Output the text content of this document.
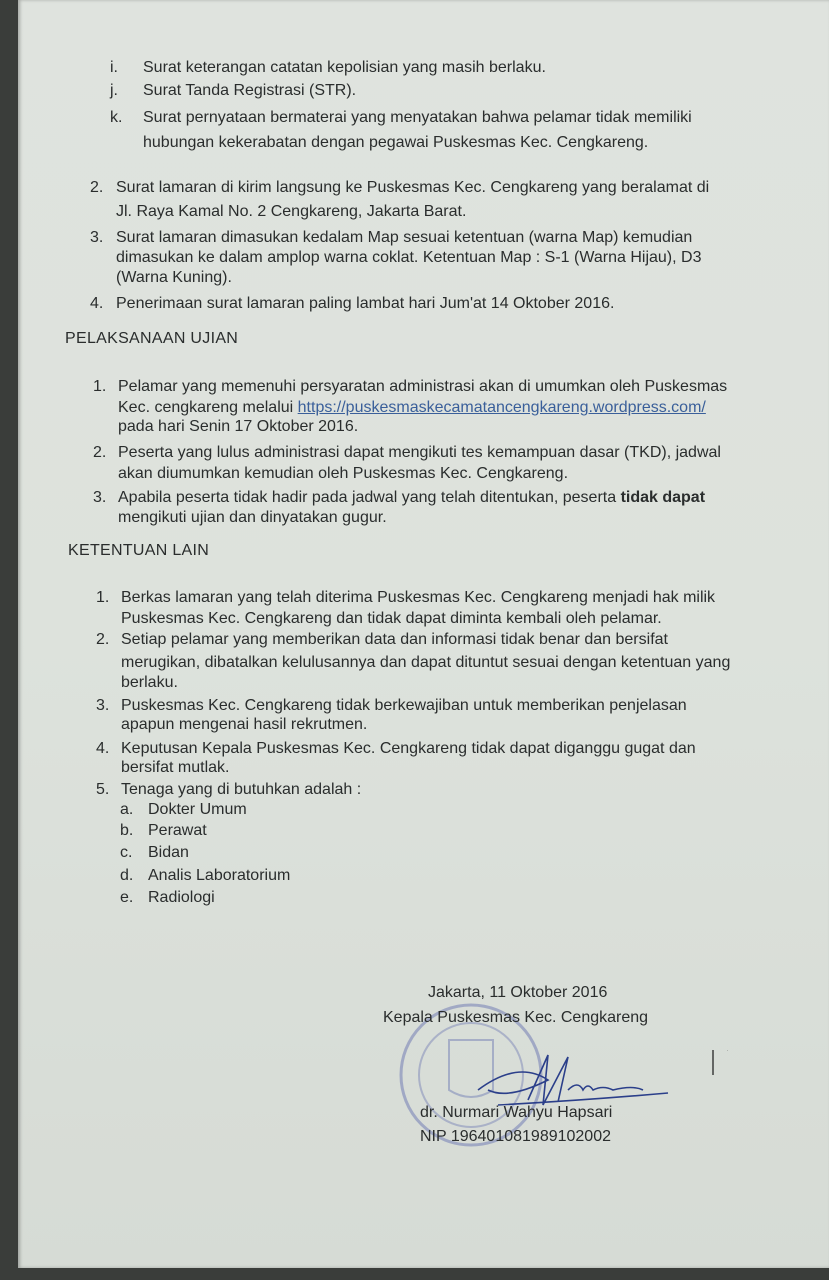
i. Surat keterangan catatan kepolisian yang masih berlaku.
j. Surat Tanda Registrasi (STR).
k. Surat pernyataan bermaterai yang menyatakan bahwa pelamar tidak memiliki
hubungan kekerabatan dengan pegawai Puskesmas Kec. Cengkareng.
2. Surat lamaran di kirim langsung ke Puskesmas Kec. Cengkareng yang beralamat di
Jl. Raya Kamal No. 2 Cengkareng, Jakarta Barat.
3. Surat lamaran dimasukan kedalam Map sesuai ketentuan (warna Map) kemudian
dimasukan ke dalam amplop warna coklat. Ketentuan Map : S-1 (Warna Hijau), D3
(Warna Kuning).
4. Penerimaan surat lamaran paling lambat hari Jum'at 14 Oktober 2016.
PELAKSANAAN UJIAN
1. Pelamar yang memenuhi persyaratan administrasi akan di umumkan oleh Puskesmas
Kec. cengkareng melalui https://puskesmaskecamatancengkareng.wordpress.com/
pada hari Senin 17 Oktober 2016.
2. Peserta yang lulus administrasi dapat mengikuti tes kemampuan dasar (TKD), jadwal
akan diumumkan kemudian oleh Puskesmas Kec. Cengkareng.
3. Apabila peserta tidak hadir pada jadwal yang telah ditentukan, peserta tidak dapat
mengikuti ujian dan dinyatakan gugur.
KETENTUAN LAIN
1. Berkas lamaran yang telah diterima Puskesmas Kec. Cengkareng menjadi hak milik
Puskesmas Kec. Cengkareng dan tidak dapat diminta kembali oleh pelamar.
2. Setiap pelamar yang memberikan data dan informasi tidak benar dan bersifat
merugikan, dibatalkan kelulusannya dan dapat dituntut sesuai dengan ketentuan yang
berlaku.
3. Puskesmas Kec. Cengkareng tidak berkewajiban untuk memberikan penjelasan
apapun mengenai hasil rekrutmen.
4. Keputusan Kepala Puskesmas Kec. Cengkareng tidak dapat diganggu gugat dan
bersifat mutlak.
5. Tenaga yang di butuhkan adalah :
a. Dokter Umum
b. Perawat
c. Bidan
d. Analis Laboratorium
e. Radiologi
Jakarta, 11 Oktober 2016
Kepala Puskesmas Kec. Cengkareng
dr. Nurmari Wahyu Hapsari
NIP 196401081989102002
